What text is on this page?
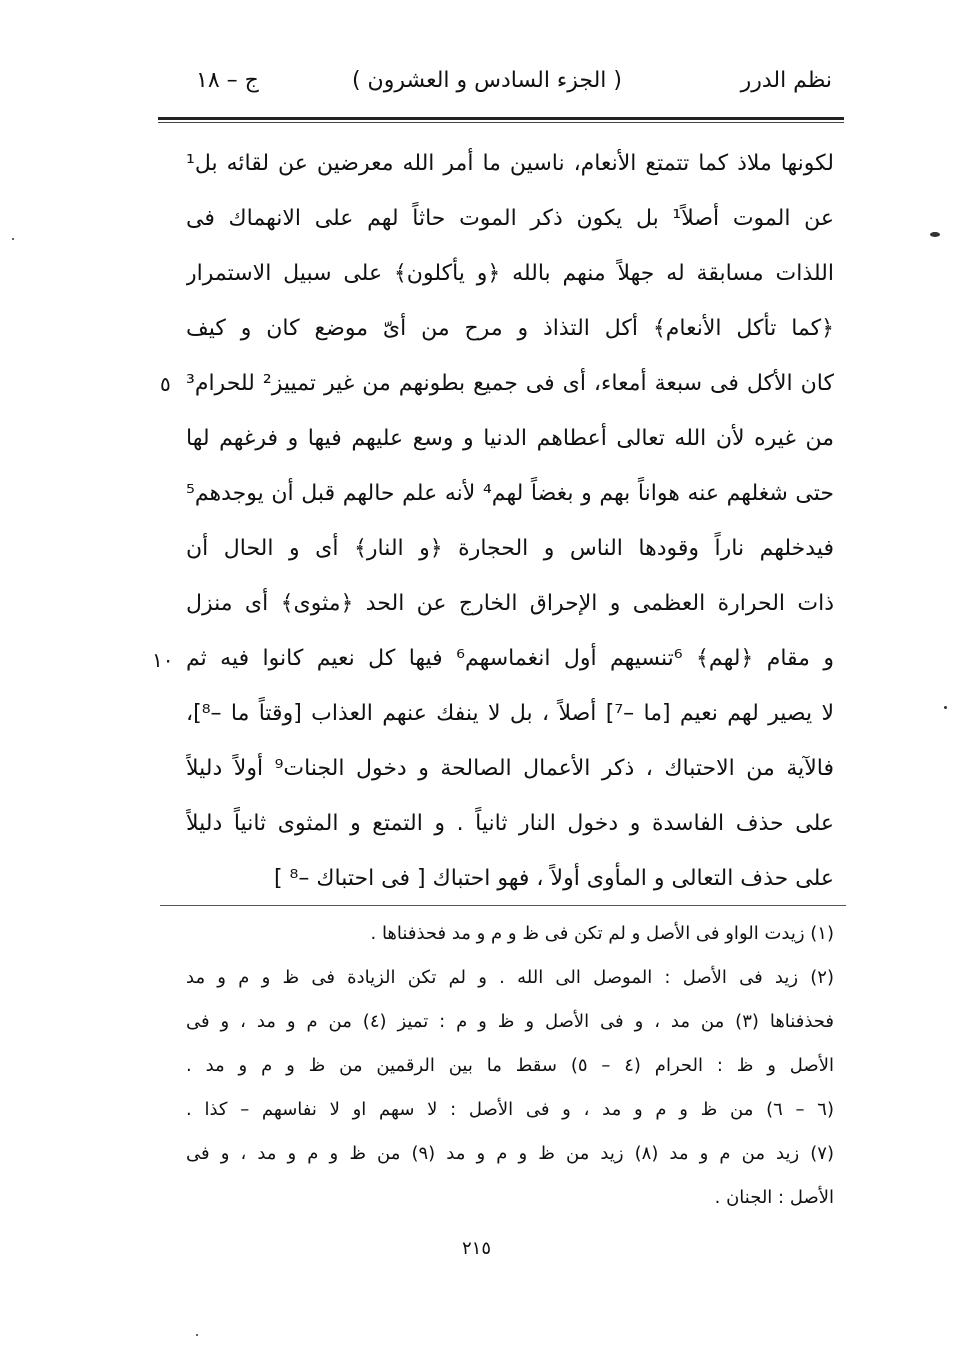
نظم الدرر
( الجزء السادس و العشرون )
ج – ١٨
لكونها ملاذ كما تتمتع الأنعام، ناسين ما أمر الله معرضين عن لقائه بل¹
عن الموت أصلاً¹ بل يكون ذكر الموت حاثاً لهم على الانهماك فى
اللذات مسابقة له جهلاً منهم بالله ﴿و يأكلون﴾ على سبيل الاستمرار
﴿كما تأكل الأنعام﴾ أكل التذاذ و مرح من أىّ موضع كان و كيف
كان الأكل فى سبعة أمعاء، أى فى جميع بطونهم من غير تمييز² للحرام³
من غيره لأن الله تعالى أعطاهم الدنيا و وسع عليهم فيها و فرغهم لها
حتى شغلهم عنه هواناً بهم و بغضاً لهم⁴ لأنه علم حالهم قبل أن يوجدهم⁵
فيدخلهم ناراً وقودها الناس و الحجارة ﴿و النار﴾ أى و الحال أن
ذات الحرارة العظمى و الإحراق الخارج عن الحد ﴿مثوى﴾ أى منزل
و مقام ﴿لهم﴾ ⁶تنسيهم أول انغماسهم⁶ فيها كل نعيم كانوا فيه ثم
لا يصير لهم نعيم [ما –⁷] أصلاً ، بل لا ينفك عنهم العذاب [وقتاً ما –⁸]،
فالآية من الاحتباك ، ذكر الأعمال الصالحة و دخول الجنات⁹ أولاً دليلاً
على حذف الفاسدة و دخول النار ثانياً . و التمتع و المثوى ثانياً دليلاً
على حذف التعالى و المأوى أولاً ، فهو احتباك [ فى احتباك –⁸ ]
٥
١٠
(١) زيدت الواو فى الأصل و لم تكن فى ظ و م و مد فحذفناها .
(٢) زيد فى الأصل : الموصل الى الله . و لم تكن الزيادة فى ظ و م و مد
فحذفناها (٣) من مد ، و فى الأصل و ظ و م : تميز (٤) من م و مد ، و فى
الأصل و ظ : الحرام (٤ – ٥) سقط ما بين الرقمين من ظ و م و مد .
(٦ – ٦) من ظ و م و مد ، و فى الأصل : لا سهم او لا نفاسهم – كذا .
(٧) زيد من م و مد (٨) زيد من ظ و م و مد (٩) من ظ و م و مد ، و فى
الأصل : الجنان .
٢١٥
